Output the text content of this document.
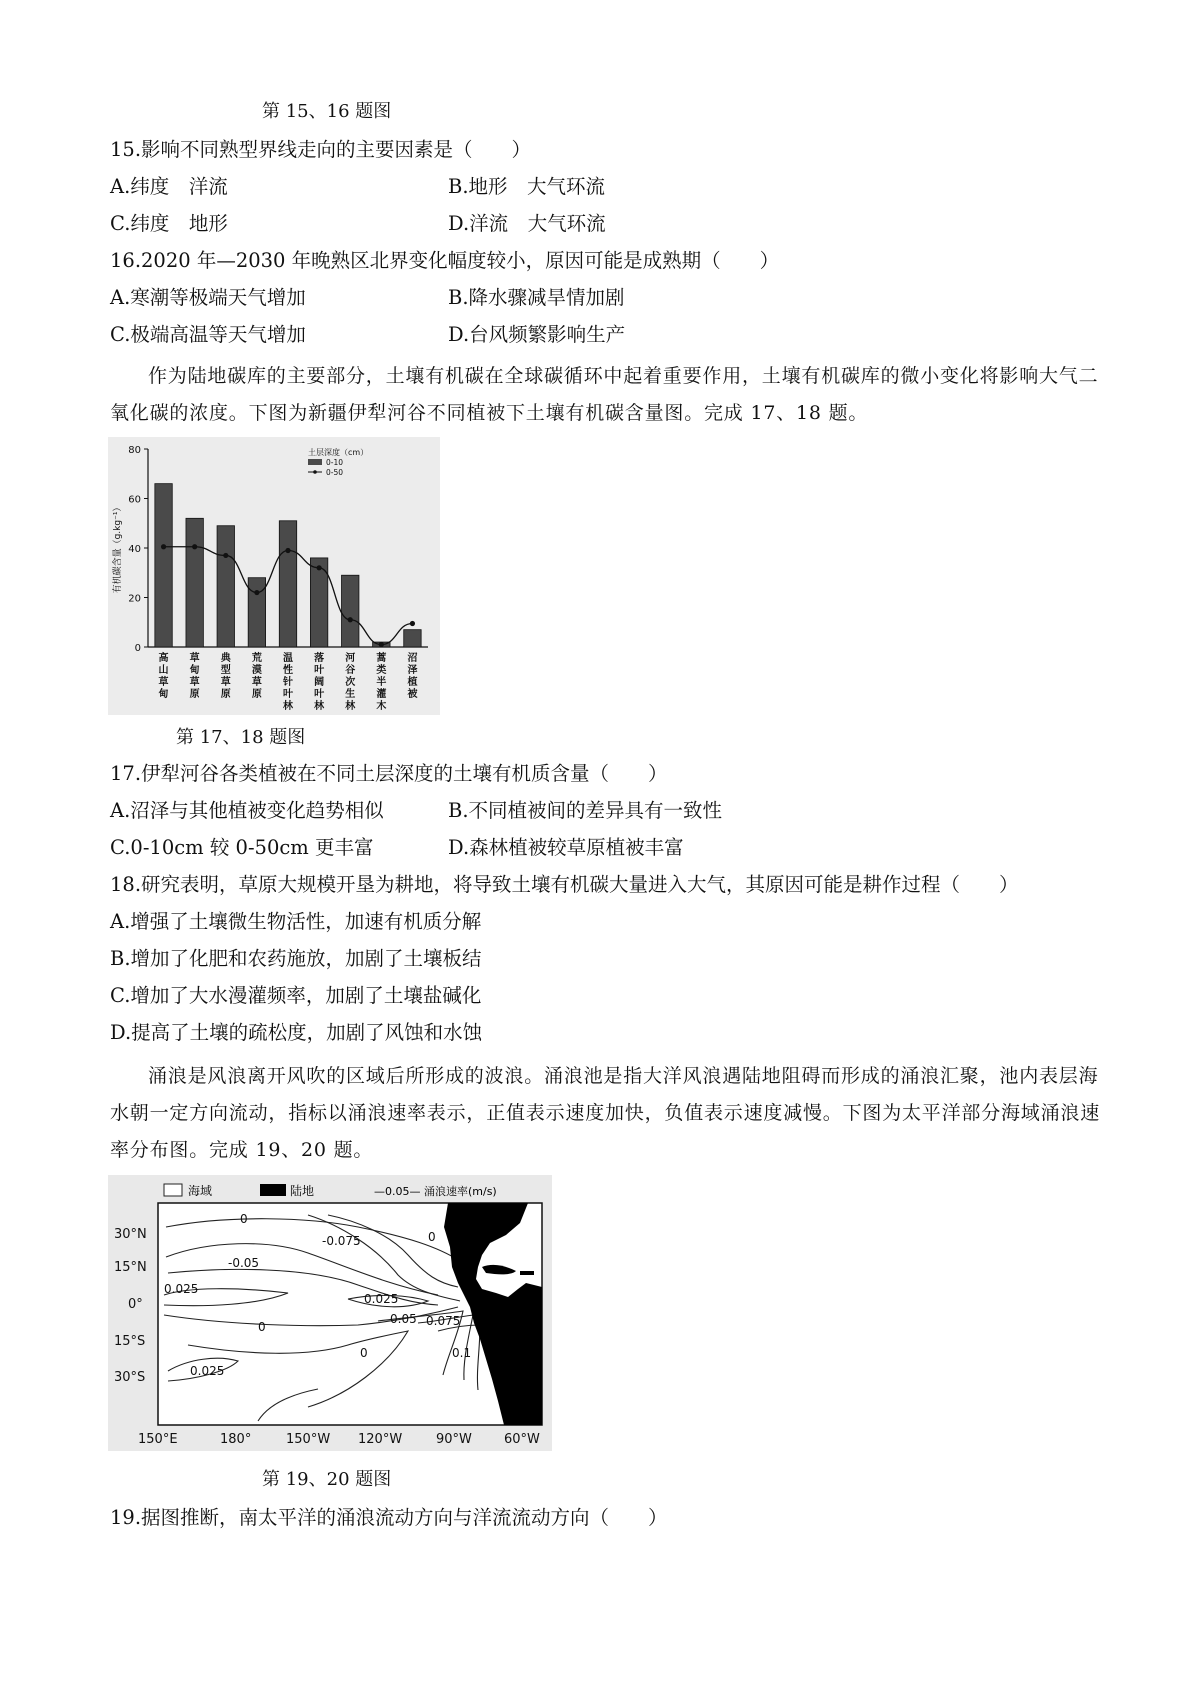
第 15、16 题图
15.影响不同熟型界线走向的主要因素是（　　）
A.纬度　洋流	B.地形　大气环流
C.纬度　地形	D.洋流　大气环流
16.2020 年—2030 年晚熟区北界变化幅度较小，原因可能是成熟期（　　）
A.寒潮等极端天气增加	B.降水骤减旱情加剧
C.极端高温等天气增加	D.台风频繁影响生产
作为陆地碳库的主要部分，土壤有机碳在全球碳循环中起着重要作用，土壤有机碳库的微小变化将影响大气二氧化碳的浓度。下图为新疆伊犁河谷不同植被下土壤有机碳含量图。完成 17、18 题。
0
20
40
60
80
有机碳含量（g.kg⁻¹）
高山草甸
草甸草原
典型草原
荒漠草原
温性针叶林
落叶阔叶林
河谷次生林
蒿类半灌木
沼泽植被
土层深度（cm）
0-10
0-50
第 17、18 题图
17.伊犁河谷各类植被在不同土层深度的土壤有机质含量（　　）
A.沼泽与其他植被变化趋势相似	B.不同植被间的差异具有一致性
C.0-10cm 较 0-50cm 更丰富	D.森林植被较草原植被丰富
18.研究表明，草原大规模开垦为耕地，将导致土壤有机碳大量进入大气，其原因可能是耕作过程（　　）
A.增强了土壤微生物活性，加速有机质分解
B.增加了化肥和农药施放，加剧了土壤板结
C.增加了大水漫灌频率，加剧了土壤盐碱化
D.提高了土壤的疏松度，加剧了风蚀和水蚀
涌浪是风浪离开风吹的区域后所形成的波浪。涌浪池是指大洋风浪遇陆地阻碍而形成的涌浪汇聚，池内表层海水朝一定方向流动，指标以涌浪速率表示，正值表示速度加快，负值表示速度减慢。下图为太平洋部分海域涌浪速率分布图。完成 19、20 题。
海域	陆地	—0.05— 涌浪速率(m/s)
0
-0.075	0
-0.05
0.025
0.025
0.05 0.075
0
0.1
0
0.025
30°N
15°N
0°
15°S
30°S
150°E	180°	150°W 120°W	90°W 60°W
第 19、20 题图
19.据图推断，南太平洋的涌浪流动方向与洋流流动方向（　　）
